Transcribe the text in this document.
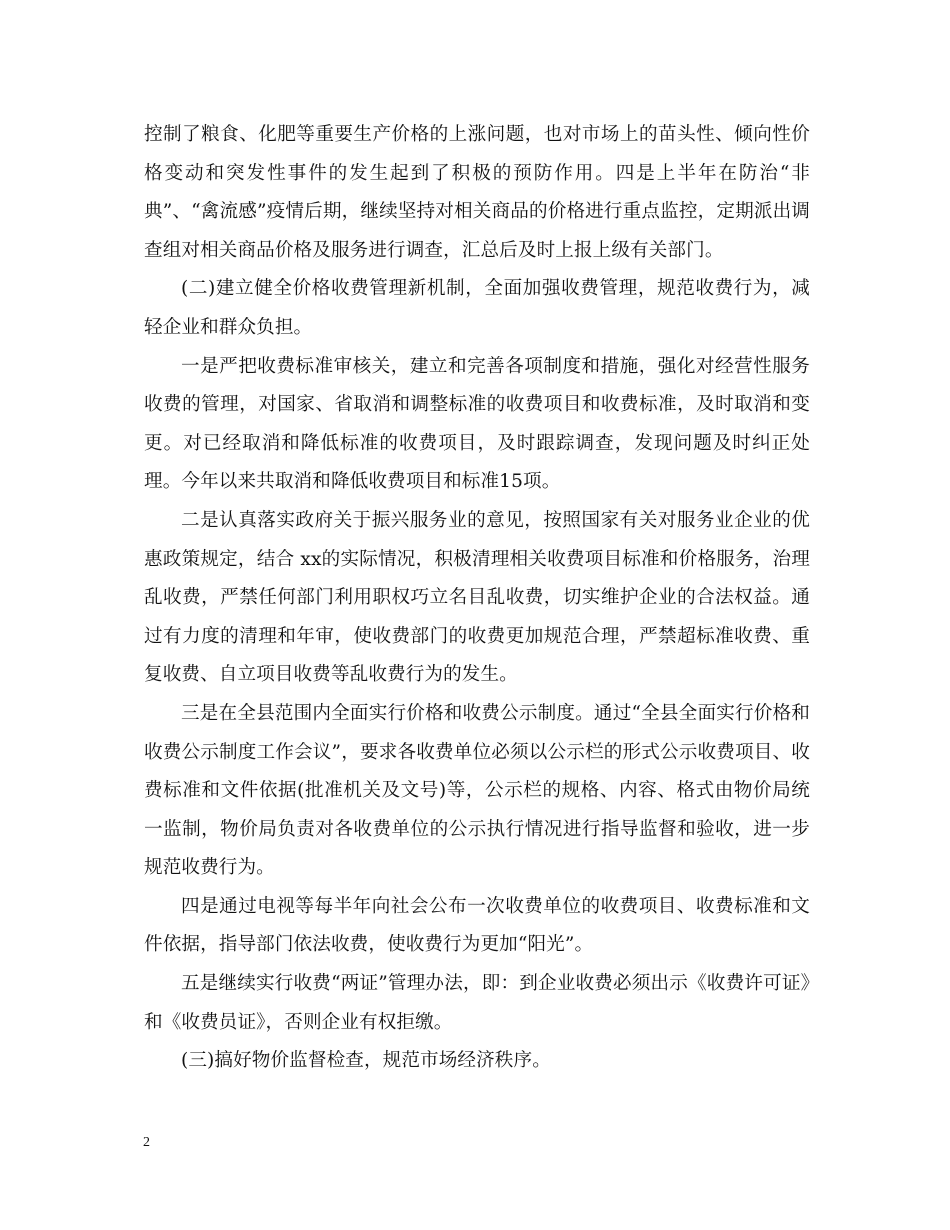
控制了粮食、化肥等重要生产价格的上涨问题，也对市场上的苗头性、倾向性价格变动和突发性事件的发生起到了积极的预防作用。四是上半年在防治“非典”、“禽流感”疫情后期，继续坚持对相关商品的价格进行重点监控，定期派出调查组对相关商品价格及服务进行调查，汇总后及时上报上级有关部门。

(二)建立健全价格收费管理新机制，全面加强收费管理，规范收费行为，减轻企业和群众负担。

一是严把收费标准审核关，建立和完善各项制度和措施，强化对经营性服务收费的管理，对国家、省取消和调整标准的收费项目和收费标准，及时取消和变更。对已经取消和降低标准的收费项目，及时跟踪调查，发现问题及时纠正处理。今年以来共取消和降低收费项目和标准15项。

二是认真落实政府关于振兴服务业的意见，按照国家有关对服务业企业的优惠政策规定，结合 xx的实际情况，积极清理相关收费项目标准和价格服务，治理乱收费，严禁任何部门利用职权巧立名目乱收费，切实维护企业的合法权益。通过有力度的清理和年审，使收费部门的收费更加规范合理，严禁超标准收费、重复收费、自立项目收费等乱收费行为的发生。

三是在全县范围内全面实行价格和收费公示制度。通过“全县全面实行价格和收费公示制度工作会议”，要求各收费单位必须以公示栏的形式公示收费项目、收费标准和文件依据(批准机关及文号)等，公示栏的规格、内容、格式由物价局统一监制，物价局负责对各收费单位的公示执行情况进行指导监督和验收，进一步规范收费行为。

四是通过电视等每半年向社会公布一次收费单位的收费项目、收费标准和文件依据，指导部门依法收费，使收费行为更加“阳光”。

五是继续实行收费“两证”管理办法，即：到企业收费必须出示《收费许可证》和《收费员证》，否则企业有权拒缴。

(三)搞好物价监督检查，规范市场经济秩序。

2
